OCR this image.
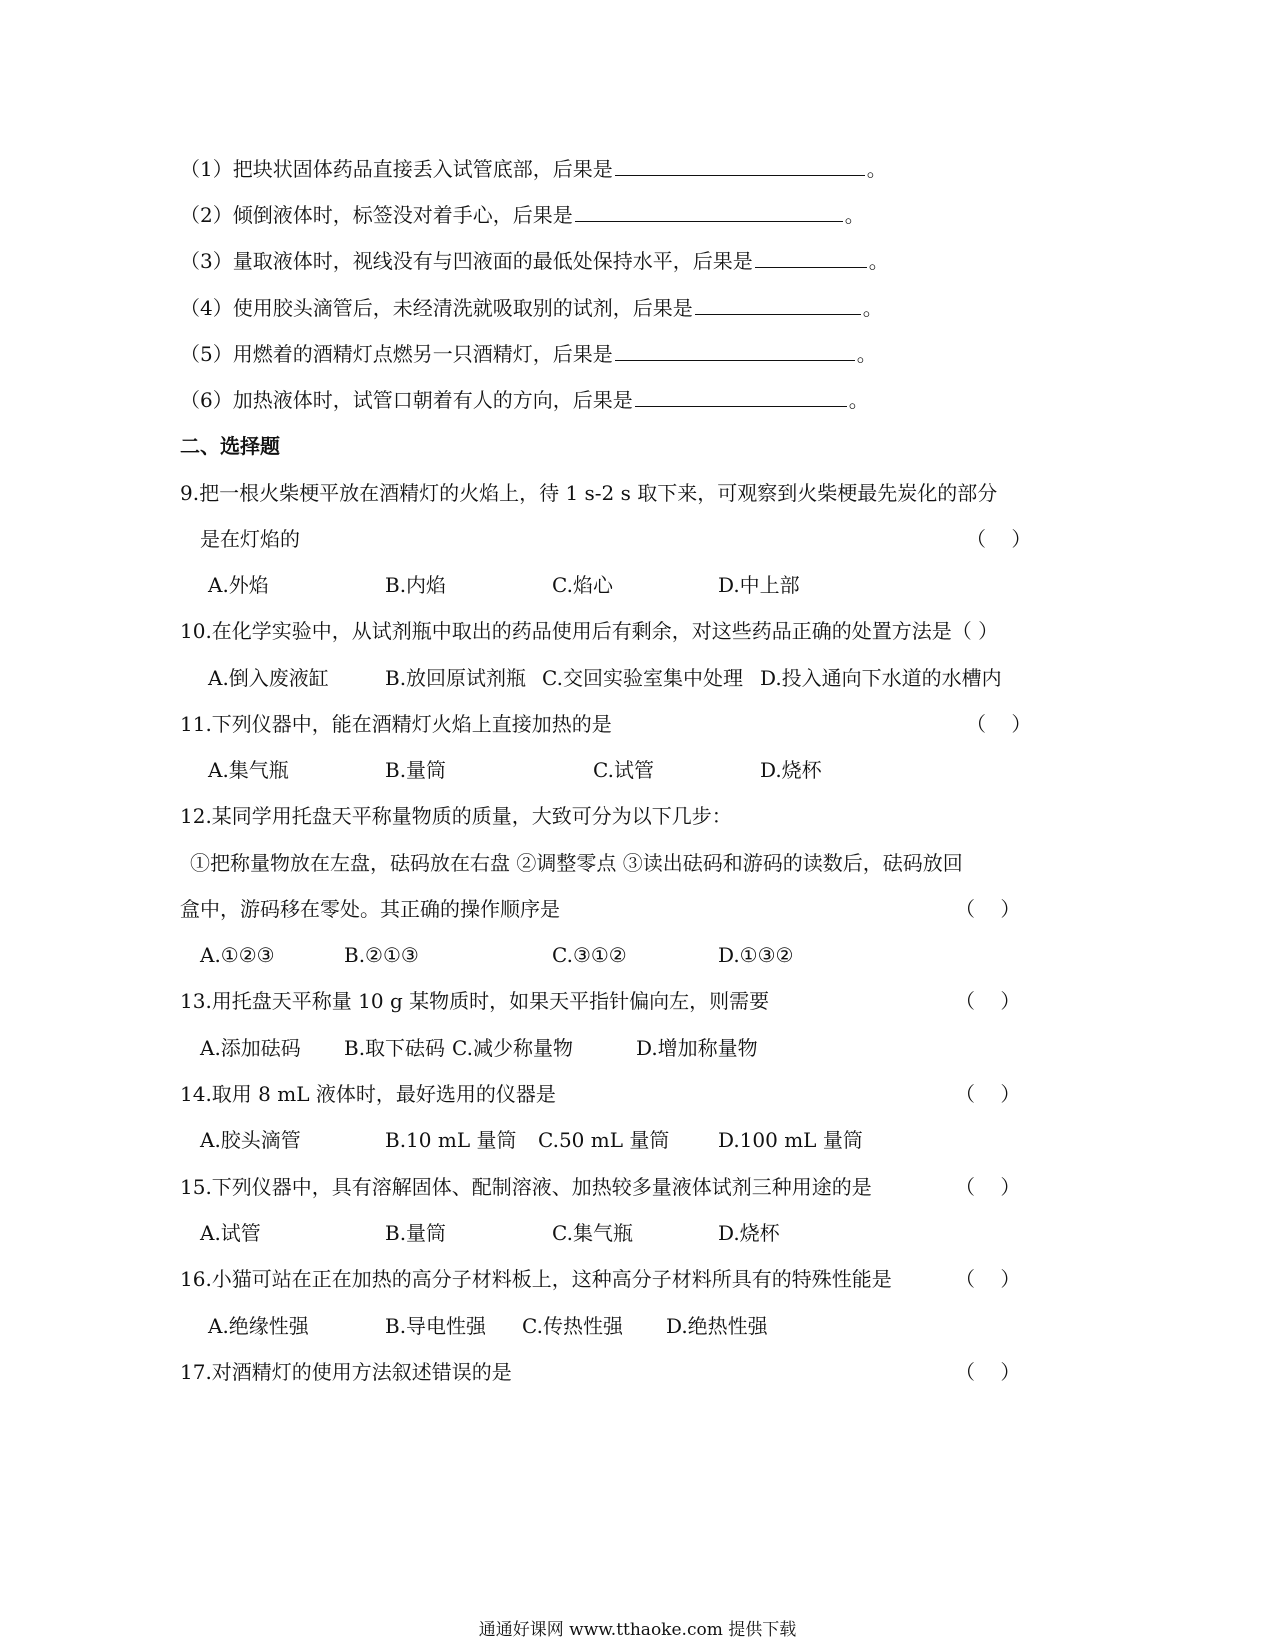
（1）把块状固体药品直接丢入试管底部，后果是	。
（2）倾倒液体时，标签没对着手心，后果是	。
（3）量取液体时，视线没有与凹液面的最低处保持水平，后果是	。
（4）使用胶头滴管后，未经清洗就吸取别的试剂，后果是	。
（5）用燃着的酒精灯点燃另一只酒精灯，后果是	。
（6）加热液体时，试管口朝着有人的方向，后果是	。
二、选择题
9.把一根火柴梗平放在酒精灯的火焰上，待 1 s-2 s 取下来，可观察到火柴梗最先炭化的部分
是在灯焰的	（    ）
A.外焰	B.内焰	C.焰心	D.中上部
10.在化学实验中，从试剂瓶中取出的药品使用后有剩余，对这些药品正确的处置方法是（ ）
A.倒入废液缸	B.放回原试剂瓶 C.交回实验室集中处理 D.投入通向下水道的水槽内
11.下列仪器中，能在酒精灯火焰上直接加热的是	（    ）
A.集气瓶	B.量筒	C.试管	D.烧杯
12.某同学用托盘天平称量物质的质量，大致可分为以下几步：
①把称量物放在左盘，砝码放在右盘 ②调整零点 ③读出砝码和游码的读数后，砝码放回
盒中，游码移在零处。其正确的操作顺序是	（    ）
A.①②③	B.②①③	C.③①②	D.①③②
13.用托盘天平称量 10 g 某物质时，如果天平指针偏向左，则需要	（    ）
A.添加砝码 B.取下砝码 C.减少称量物	D.增加称量物
14.取用 8 mL 液体时，最好选用的仪器是	（    ）
A.胶头滴管	B.10 mL 量筒 C.50 mL 量筒 D.100 mL 量筒
15.下列仪器中，具有溶解固体、配制溶液、加热较多量液体试剂三种用途的是	（    ）
A.试管	B.量筒	C.集气瓶	D.烧杯
16.小猫可站在正在加热的高分子材料板上，这种高分子材料所具有的特殊性能是	（    ）
A.绝缘性强	B.导电性强 C.传热性强 D.绝热性强
17.对酒精灯的使用方法叙述错误的是	（    ）
通通好课网 www.tthaoke.com 提供下载
